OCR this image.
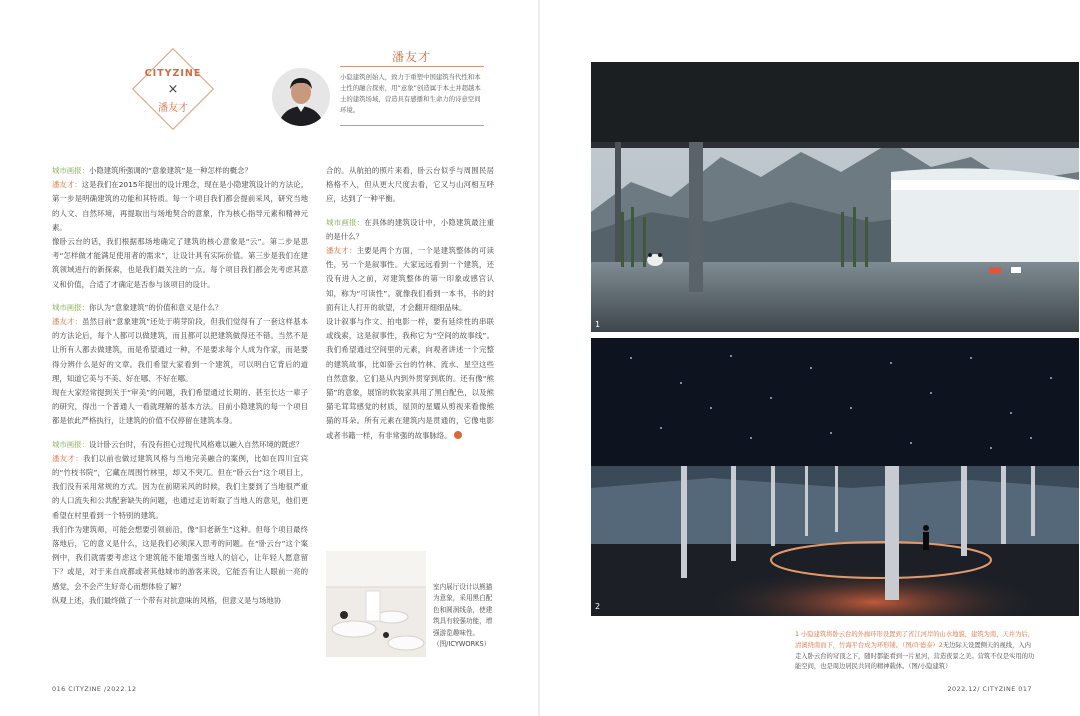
CITYZINE
×
潘友才
潘友才
小隐建筑创始人，致力于重塑中国建筑当代性和本土性的融合探索，用“意象”创造属于本土并超越本土的建筑场域，营造具有感播和生命力的诗意空间环境。

城市画报：小隐建筑所强调的“意象建筑”是一种怎样的概念？

潘友才：这是我们在2015年提出的设计理念，现在是小隐建筑设计的方法论。第一步是明确建筑的功能和其特质。每一个项目我们都会提前采风，研究当地的人文、自然环境，再提取出与场地契合的意象，作为核心指导元素和精神元素。

像卧云台的话，我们根据那场地确定了建筑的核心意象是“云”。第二步是思考“怎样做才能满足使用者的需求”，让设计具有实际价值。第三步是我们在建筑领域进行的新探索，也是我们最关注的一点。每个项目我们都会先考虑其意义和价值，合适了才确定是否参与该项目的设计。

城市画报：你认为“意象建筑”的价值和意义是什么？

潘友才：虽然目前“意象建筑”还处于萌芽阶段，但我们觉得有了一套这样基本的方法论后，每个人都可以做建筑，而且都可以把建筑做得还不错。当然不是让所有人都去做建筑，而是希望通过一种，不是要求每个人成为作家，而是要得分辨什么是好的文章。我们希望大家看到一个建筑，可以明白它背后的道理，知道它美与不美、好在哪、不好在哪。

现在大家经常提到关于“审美”的问题，我们希望通过长期的、甚至长达一辈子的研究，得出一个普通人一看就理解的基本方法。目前小隐建筑的每一个项目都是依此严格执行，让建筑的价值不仅停留在建筑本身。

城市画报：设计卧云台时，有没有担心过现代风格难以融入自然环境的既虑？

潘友才：我们以前也做过建筑风格与当地完美融合的案例，比如在四川宜宾的“竹枝书院”，它藏在周围竹林里，却又不突兀。但在“卧云台”这个项目上，我们没有采用常规的方式。因为在前期采风的时候，我们主要到了当地很严重的人口流失和公共配套缺失的问题，也通过走访听取了当地人的意见，他们更希望在村里看到一个特别的建筑。

我们作为建筑师，可能会想要引领前沿，像“旧老新生”这种。但每个项目最终落地后，它的意义是什么，这是我们必须深入思考的问题。在“卧云台”这个案例中，我们就需要考虑这个建筑能不能增强当地人的信心，让年轻人愿意留下？或是，对于来自成都或者其他城市的游客来说，它能否有让人眼前一亮的感觉，会不会产生好奇心而想体验了解？

纵观上述，我们最终做了一个带有对抗意味的风格，但意义是与场地协

合的。从航拍的照片来看，卧云台似乎与周围民居格格不入，但从更大尺度去看，它又与山河相互呼应，达到了一种平衡。

城市画报：在具体的建筑设计中，小隐建筑最注重的是什么？

潘友才：主要是两个方面，一个是建筑整体的可读性，另一个是叙事性。大家远远看到一个建筑，还没有进入之前，对建筑整体的第一印象或感官认知，称为“可读性”。就像我们看到一本书，书的封面有让人打开的欲望，才会翻开细细品味。

设计叙事与作文、拍电影一样，要有延续性的串联或线索，这是叙事性，我称它为“空间的故事线”。我们希望通过空间里的元素，向观者讲述一个完整的建筑故事，比如卧云台的竹林、流水、星空这些自然意象，它们是从内到外贯穿到底的。还有像“熊猫”的意象，展馆的软装家具用了黑白配色，以及熊猫毛茸茸感觉的材质，屋顶的星耀从剪视来看像熊猫的耳朵。所有元素在建筑内是贯通的，它像电影或者书籍一样，有非常强的故事脉络。

室内展厅设计以熊猫为意象，采用黑白配色和圆润线条，使建筑具有较强功能，增强游览趣味性。（图/ICYWORKS）
016 CITYZINE /2022.12
1
2
1 小隐建筑将卧云台的外廊环形设置到了省江河岸的山水地貌，建筑为南，天井为后，清溪绕南而下，竹海平台成为环形铺。（图/许德泰）2无边际天设置侧天的视线，入内走入卧云台的穹顶之下，随时都能看到一片星河，营造夜景之美。营筑不仅是实用的功能空间，也是周边居民共同的精神载体。（图/小隐建筑）
2022.12/ CITYZINE 017
